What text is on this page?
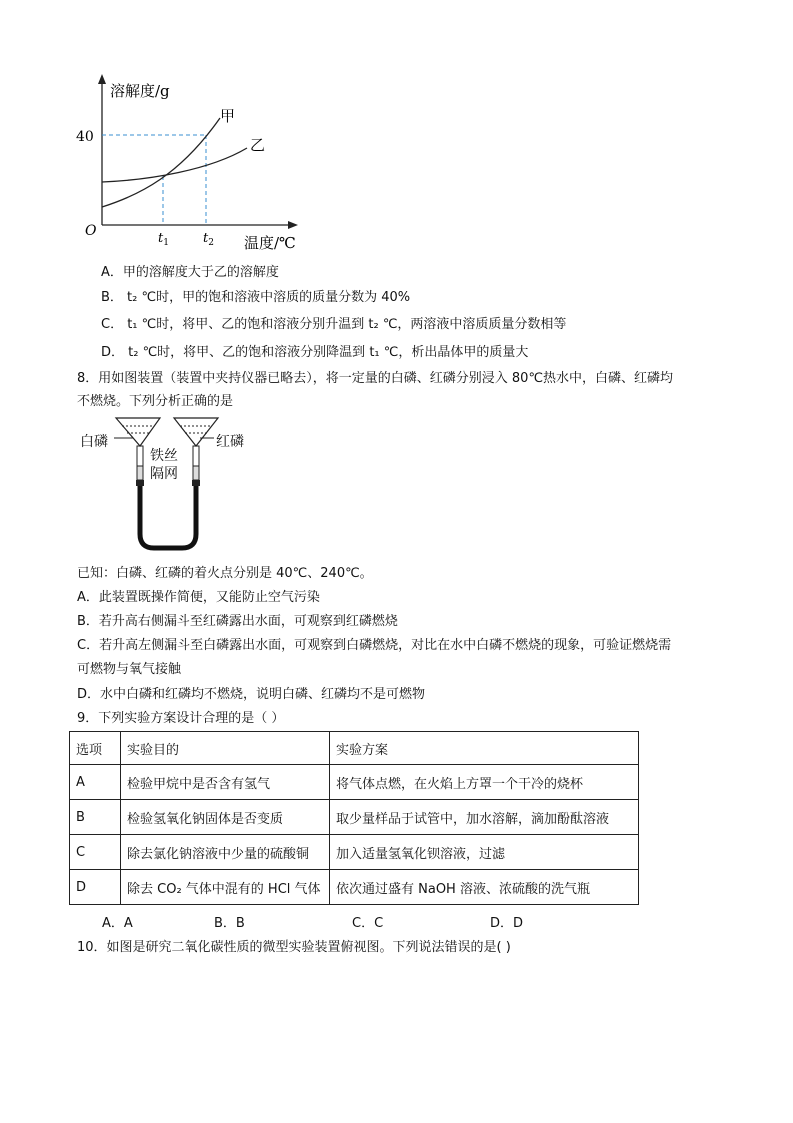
溶解度/g
温度/℃
40
O	$t_1$	$t_2$
甲
乙
A．甲的溶解度大于乙的溶解度
B． t₂ ℃时，甲的饱和溶液中溶质的质量分数为 40%
C． t₁ ℃时，将甲、乙的饱和溶液分别升温到 t₂ ℃，两溶液中溶质质量分数相等
D． t₂ ℃时，将甲、乙的饱和溶液分别降温到 t₁ ℃，析出晶体甲的质量大
8．用如图装置（装置中夹持仪器已略去），将一定量的白磷、红磷分别浸入 80℃热水中，白磷、红磷均
不燃烧。下列分析正确的是
白磷	红磷
铁丝
隔网
已知：白磷、红磷的着火点分别是 40℃、240℃。
A．此装置既操作简便，又能防止空气污染
B．若升高右侧漏斗至红磷露出水面，可观察到红磷燃烧
C．若升高左侧漏斗至白磷露出水面，可观察到白磷燃烧，对比在水中白磷不燃烧的现象，可验证燃烧需
可燃物与氧气接触
D．水中白磷和红磷均不燃烧，说明白磷、红磷均不是可燃物
9．下列实验方案设计合理的是（ ）
选项	实验目的	实验方案
A	检验甲烷中是否含有氢气	将气体点燃，在火焰上方罩一个干冷的烧杯
B	检验氢氧化钠固体是否变质	取少量样品于试管中，加水溶解，滴加酚酞溶液
C	除去氯化钠溶液中少量的硫酸铜	加入适量氢氧化钡溶液，过滤
D	除去 CO₂ 气体中混有的 HCl 气体	依次通过盛有 NaOH 溶液、浓硫酸的洗气瓶
A．A	B．B	C．C	D．D
10．如图是研究二氧化碳性质的微型实验装置俯视图。下列说法错误的是( )
